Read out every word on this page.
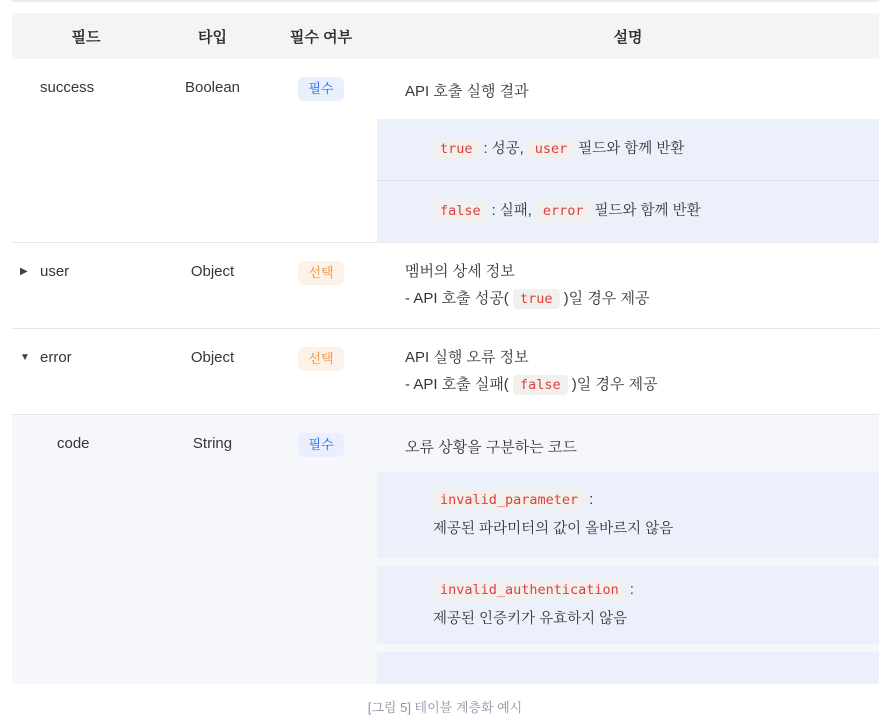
필드	타입	필수 여부	설명
success	Boolean	필수	API 호출 실행 결과
true : 성공, user 필드와 함께 반환
false : 실패, error 필드와 함께 반환
▶ user	Object	선택	멤버의 상세 정보
- API 호출 성공( true )일 경우 제공
▼ error	Object	선택	API 실행 오류 정보
- API 호출 실패( false )일 경우 제공
code	String	필수	오류 상황을 구분하는 코드
invalid_parameter :
제공된 파라미터의 값이 올바르지 않음
invalid_authentication :
제공된 인증키가 유효하지 않음
[그림 5] 테이블 계층화 예시
